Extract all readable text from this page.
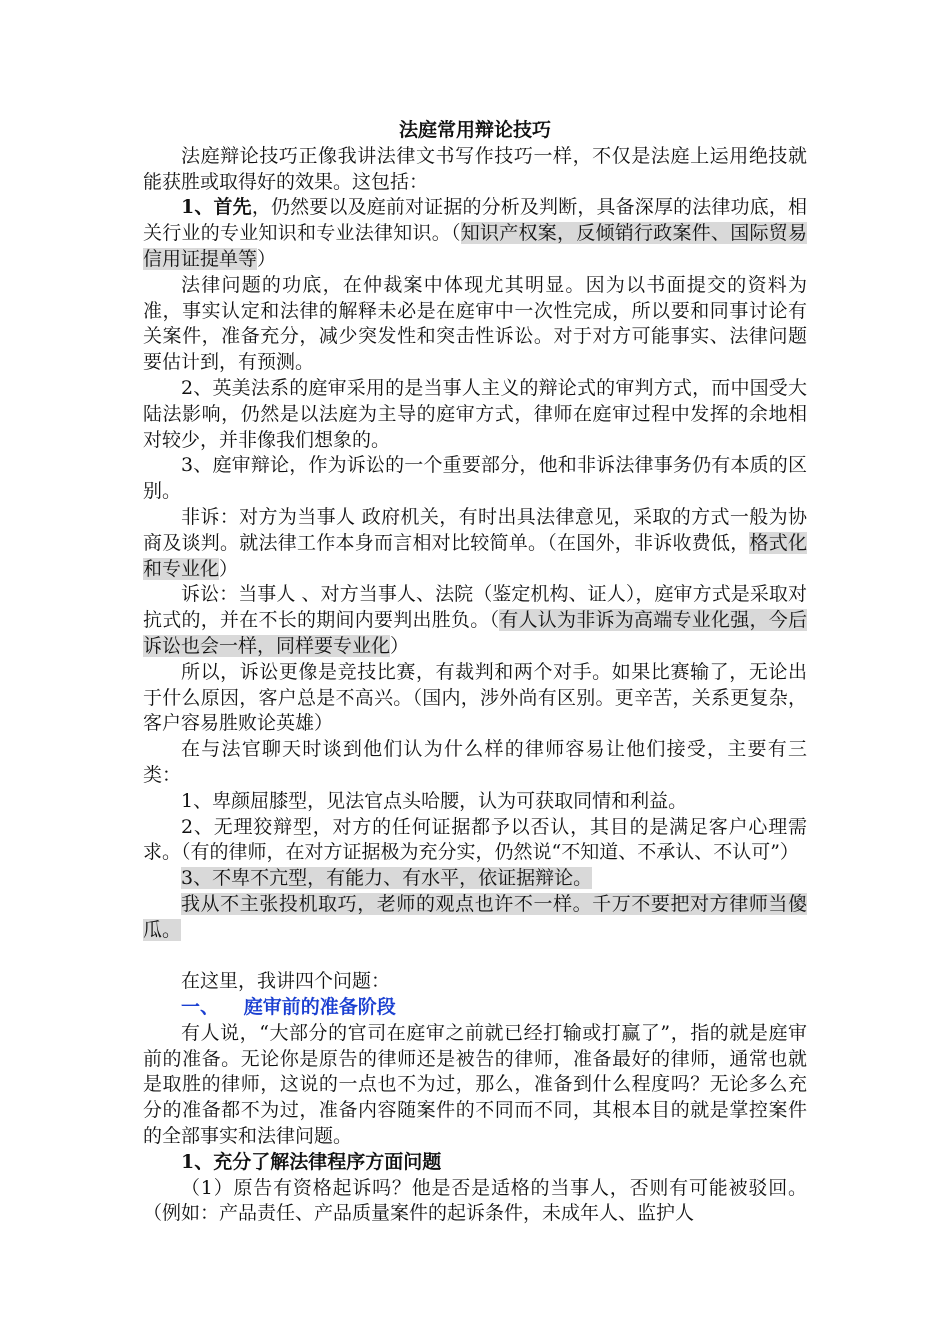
法庭常用辩论技巧

法庭辩论技巧正像我讲法律文书写作技巧一样，不仅是法庭上运用绝技就能获胜或取得好的效果。这包括：

1、首先，仍然要以及庭前对证据的分析及判断，具备深厚的法律功底，相关行业的专业知识和专业法律知识。（知识产权案，反倾销行政案件、国际贸易信用证提单等）

法律问题的功底，在仲裁案中体现尤其明显。因为以书面提交的资料为准，事实认定和法律的解释未必是在庭审中一次性完成，所以要和同事讨论有关案件，准备充分，减少突发性和突击性诉讼。对于对方可能事实、法律问题要估计到，有预测。

2、英美法系的庭审采用的是当事人主义的辩论式的审判方式，而中国受大陆法影响，仍然是以法庭为主导的庭审方式，律师在庭审过程中发挥的余地相对较少，并非像我们想象的。

3、庭审辩论，作为诉讼的一个重要部分，他和非诉法律事务仍有本质的区别。

非诉：对方为当事人 政府机关，有时出具法律意见，采取的方式一般为协商及谈判。就法律工作本身而言相对比较简单。（在国外，非诉收费低，格式化和专业化）

诉讼：当事人 、对方当事人、法院（鉴定机构、证人），庭审方式是采取对抗式的，并在不长的期间内要判出胜负。（有人认为非诉为高端专业化强，今后诉讼也会一样，同样要专业化）

所以，诉讼更像是竞技比赛，有裁判和两个对手。如果比赛输了，无论出于什么原因，客户总是不高兴。（国内，涉外尚有区别。更辛苦，关系更复杂，客户容易胜败论英雄）

在与法官聊天时谈到他们认为什么样的律师容易让他们接受，主要有三类：

1、卑颜屈膝型，见法官点头哈腰，认为可获取同情和利益。

2、无理狡辩型，对方的任何证据都予以否认，其目的是满足客户心理需求。（有的律师，在对方证据极为充分实，仍然说“不知道、不承认、不认可”）

3、不卑不亢型，有能力、有水平，依证据辩论。

我从不主张投机取巧，老师的观点也许不一样。千万不要把对方律师当傻瓜。

在这里，我讲四个问题：

一、 庭审前的准备阶段

有人说，“大部分的官司在庭审之前就已经打输或打赢了”，指的就是庭审前的准备。无论你是原告的律师还是被告的律师，准备最好的律师，通常也就是取胜的律师，这说的一点也不为过，那么，准备到什么程度吗？无论多么充分的准备都不为过，准备内容随案件的不同而不同，其根本目的就是掌控案件的全部事实和法律问题。

1、充分了解法律程序方面问题

（1）原告有资格起诉吗？他是否是适格的当事人，否则有可能被驳回。（例如：产品责任、产品质量案件的起诉条件，未成年人、监护人
